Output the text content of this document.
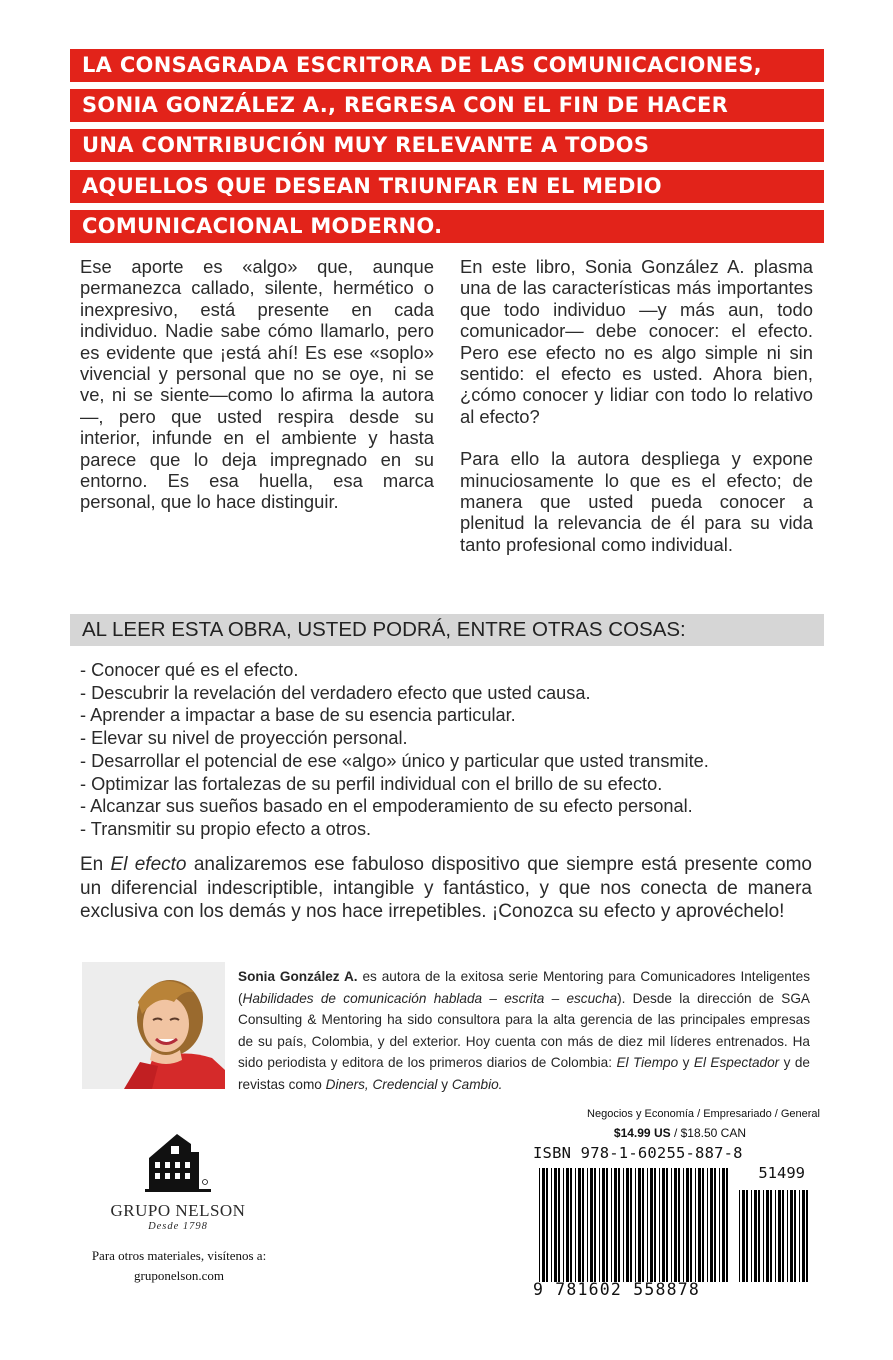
LA CONSAGRADA ESCRITORA DE LAS COMUNICACIONES,
SONIA GONZÁLEZ A., REGRESA CON EL FIN DE HACER
UNA CONTRIBUCIÓN MUY RELEVANTE A TODOS
AQUELLOS QUE DESEAN TRIUNFAR EN EL MEDIO
COMUNICACIONAL MODERNO.

Ese aporte es «algo» que, aunque permanezca callado, silente, hermético o inexpresivo, está presente en cada individuo. Nadie sabe cómo llamarlo, pero es evidente que ¡está ahí! Es ese «soplo» vivencial y personal que no se oye, ni se ve, ni se siente—como lo afirma la autora—, pero que usted respira desde su interior, infunde en el ambiente y hasta parece que lo deja impregnado en su entorno. Es esa huella, esa marca personal, que lo hace distinguir.

En este libro, Sonia González A. plasma una de las características más importantes que todo individuo —y más aun, todo comunicador— debe conocer: el efecto. Pero ese efecto no es algo simple ni sin sentido: el efecto es usted. Ahora bien, ¿cómo conocer y lidiar con todo lo relativo al efecto?

Para ello la autora despliega y expone minuciosamente lo que es el efecto; de manera que usted pueda conocer a plenitud la relevancia de él para su vida tanto profesional como individual.

AL LEER ESTA OBRA, USTED PODRÁ, ENTRE OTRAS COSAS:
- Conocer qué es el efecto.
- Descubrir la revelación del verdadero efecto que usted causa.
- Aprender a impactar a base de su esencia particular.
- Elevar su nivel de proyección personal.
- Desarrollar el potencial de ese «algo» único y particular que usted transmite.
- Optimizar las fortalezas de su perfil individual con el brillo de su efecto.
- Alcanzar sus sueños basado en el empoderamiento de su efecto personal.
- Transmitir su propio efecto a otros.
En El efecto analizaremos ese fabuloso dispositivo que siempre está presente como un diferencial indescriptible, intangible y fantástico, y que nos conecta de manera exclusiva con los demás y nos hace irrepetibles. ¡Conozca su efecto y aprovéchelo!
Sonia González A. es autora de la exitosa serie Mentoring para Comunicadores Inteligentes (Habilidades de comunicación hablada – escrita – escucha). Desde la dirección de SGA Consulting & Mentoring ha sido consultora para la alta gerencia de las principales empresas de su país, Colombia, y del exterior. Hoy cuenta con más de diez mil líderes entrenados. Ha sido periodista y editora de los primeros diarios de Colombia: El Tiempo y El Espectador y de revistas como Diners, Credencial y Cambio.
GRUPO NELSON
Desde 1798
Para otros materiales, visítenos a:
gruponelson.com
Negocios y Economía / Empresariado / General
$14.99 US / $18.50 CAN
ISBN 978-1-60255-887-8
51499
9 781602 558878
